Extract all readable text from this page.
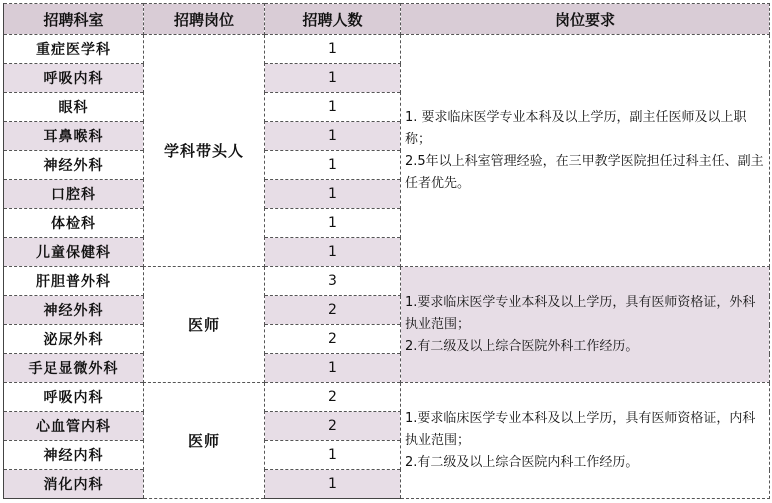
招聘科室	招聘岗位	招聘人数	岗位要求
重症医学科	学科带头人	1	1. 要求临床医学专业本科及以上学历，副主任医师及以上职称；
2.5年以上科室管理经验，在三甲教学医院担任过科主任、副主任者优先。

呼吸内科		1	
眼科		1	
耳鼻喉科		1	
神经外科		1	
口腔科		1	
体检科		1	
儿童保健科		1	
肝胆普外科	医师	3	1.要求临床医学专业本科及以上学历，具有医师资格证，外科执业范围；
2.有二级及以上综合医院外科工作经历。

神经外科		2	
泌尿外科		2	
手足显微外科		1	
呼吸内科	医师	2	1.要求临床医学专业本科及以上学历，具有医师资格证，内科执业范围；
2.有二级及以上综合医院内科工作经历。

心血管内科		2	
神经内科		1	
消化内科		1	
